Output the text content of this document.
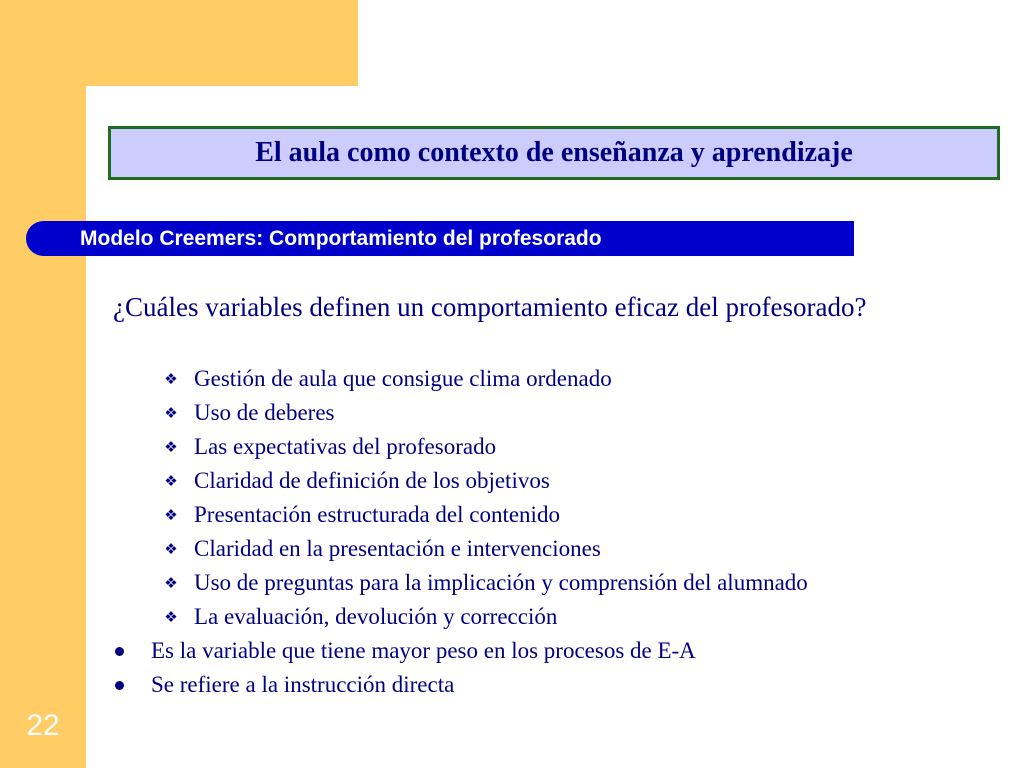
22
El aula como contexto de enseñanza y aprendizaje
Modelo Creemers: Comportamiento del profesorado
¿Cuáles variables definen un comportamiento eficaz del profesorado?
❖ Gestión de aula que consigue clima ordenado
❖ Uso de deberes
❖ Las expectativas del profesorado
❖ Claridad de definición de los objetivos
❖ Presentación estructurada del contenido
❖ Claridad en la presentación e intervenciones
❖ Uso de preguntas para la implicación y comprensión del alumnado
❖ La evaluación, devolución y corrección
Es la variable que tiene mayor peso en los procesos de E-A
Se refiere a la instrucción directa
